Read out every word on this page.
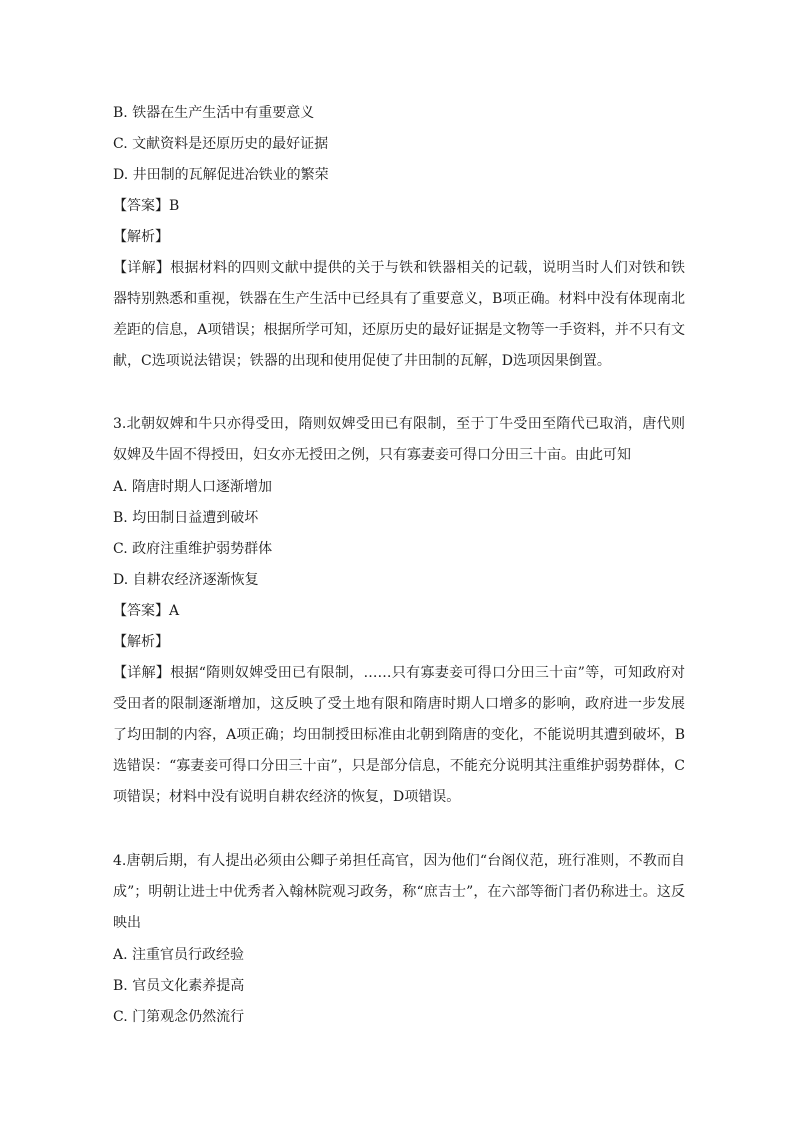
B. 铁器在生产生活中有重要意义
C. 文献资料是还原历史的最好证据
D. 井田制的瓦解促进冶铁业的繁荣
【答案】B
【解析】
【详解】根据材料的四则文献中提供的关于与铁和铁器相关的记载，说明当时人们对铁和铁器特别熟悉和重视，铁器在生产生活中已经具有了重要意义，B项正确。材料中没有体现南北差距的信息，A项错误；根据所学可知，还原历史的最好证据是文物等一手资料，并不只有文献，C选项说法错误；铁器的出现和使用促使了井田制的瓦解，D选项因果倒置。
3.北朝奴婢和牛只亦得受田，隋则奴婢受田已有限制，至于丁牛受田至隋代已取消，唐代则奴婢及牛固不得授田，妇女亦无授田之例，只有寡妻妾可得口分田三十亩。由此可知
A. 隋唐时期人口逐渐增加
B. 均田制日益遭到破坏
C. 政府注重维护弱势群体
D. 自耕农经济逐渐恢复
【答案】A
【解析】
【详解】根据“隋则奴婢受田已有限制，……只有寡妻妾可得口分田三十亩”等，可知政府对受田者的限制逐渐增加，这反映了受土地有限和隋唐时期人口增多的影响，政府进一步发展了均田制的内容，A项正确；均田制授田标准由北朝到隋唐的变化，不能说明其遭到破坏，B选错误：“寡妻妾可得口分田三十亩”，只是部分信息，不能充分说明其注重维护弱势群体，C项错误；材料中没有说明自耕农经济的恢复，D项错误。
4.唐朝后期，有人提出必须由公卿子弟担任高官，因为他们“台阁仪范，班行准则，不教而自成”；明朝让进士中优秀者入翰林院观习政务，称“庶吉士”，在六部等衙门者仍称进士。这反映出
A. 注重官员行政经验
B. 官员文化素养提高
C. 门第观念仍然流行
